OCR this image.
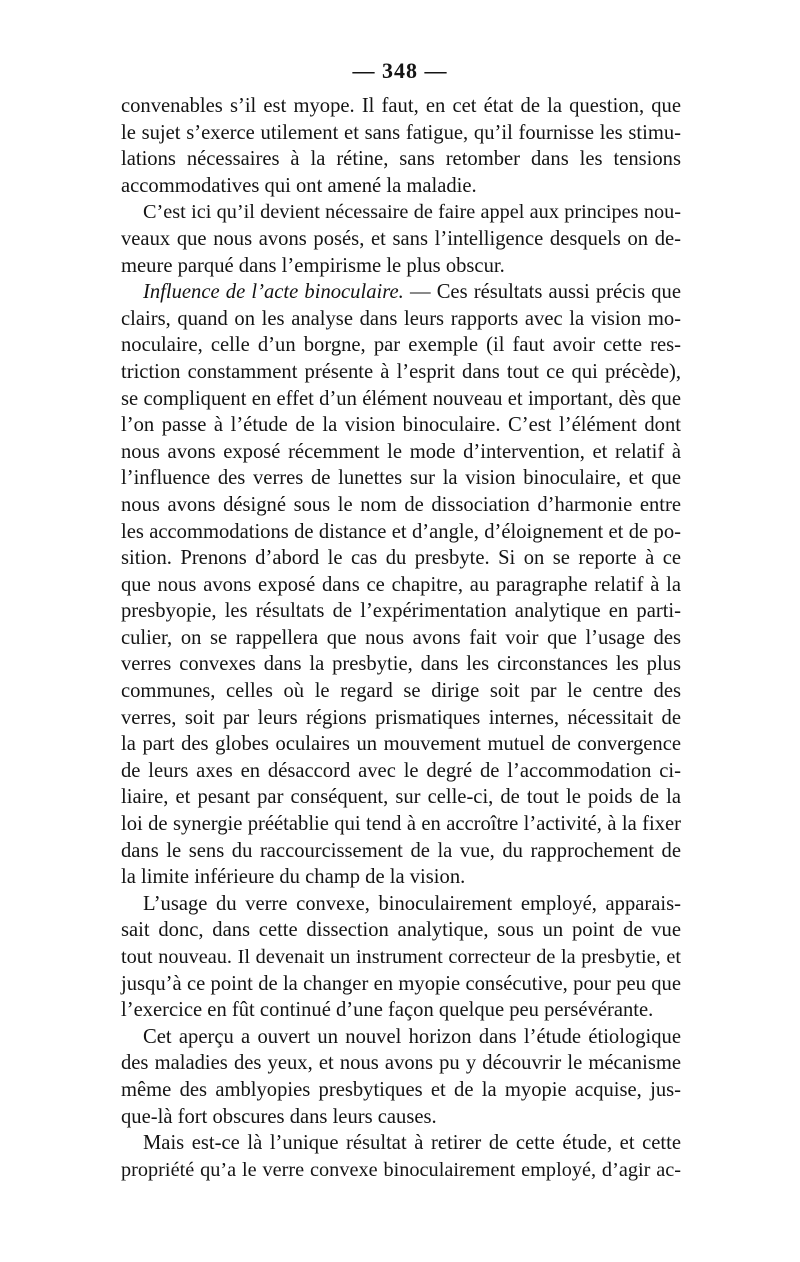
— 348 —
convenables s’il est myope. Il faut, en cet état de la question, que
le sujet s’exerce utilement et sans fatigue, qu’il fournisse les stimu-
lations nécessaires à la rétine, sans retomber dans les tensions
accommodatives qui ont amené la maladie.
C’est ici qu’il devient nécessaire de faire appel aux principes nou-
veaux que nous avons posés, et sans l’intelligence desquels on de-
meure parqué dans l’empirisme le plus obscur.
Influence de l’acte binoculaire. — Ces résultats aussi précis que
clairs, quand on les analyse dans leurs rapports avec la vision mo-
noculaire, celle d’un borgne, par exemple (il faut avoir cette res-
triction constamment présente à l’esprit dans tout ce qui précède),
se compliquent en effet d’un élément nouveau et important, dès que
l’on passe à l’étude de la vision binoculaire. C’est l’élément dont
nous avons exposé récemment le mode d’intervention, et relatif à
l’influence des verres de lunettes sur la vision binoculaire, et que
nous avons désigné sous le nom de dissociation d’harmonie entre
les accommodations de distance et d’angle, d’éloignement et de po-
sition. Prenons d’abord le cas du presbyte. Si on se reporte à ce
que nous avons exposé dans ce chapitre, au paragraphe relatif à la
presbyopie, les résultats de l’expérimentation analytique en parti-
culier, on se rappellera que nous avons fait voir que l’usage des
verres convexes dans la presbytie, dans les circonstances les plus
communes, celles où le regard se dirige soit par le centre des
verres, soit par leurs régions prismatiques internes, nécessitait de
la part des globes oculaires un mouvement mutuel de convergence
de leurs axes en désaccord avec le degré de l’accommodation ci-
liaire, et pesant par conséquent, sur celle-ci, de tout le poids de la
loi de synergie préétablie qui tend à en accroître l’activité, à la fixer
dans le sens du raccourcissement de la vue, du rapprochement de
la limite inférieure du champ de la vision.
L’usage du verre convexe, binoculairement employé, apparais-
sait donc, dans cette dissection analytique, sous un point de vue
tout nouveau. Il devenait un instrument correcteur de la presbytie, et
jusqu’à ce point de la changer en myopie consécutive, pour peu que
l’exercice en fût continué d’une façon quelque peu persévérante.
Cet aperçu a ouvert un nouvel horizon dans l’étude étiologique
des maladies des yeux, et nous avons pu y découvrir le mécanisme
même des amblyopies presbytiques et de la myopie acquise, jus-
que-là fort obscures dans leurs causes.
Mais est-ce là l’unique résultat à retirer de cette étude, et cette
propriété qu’a le verre convexe binoculairement employé, d’agir ac-
